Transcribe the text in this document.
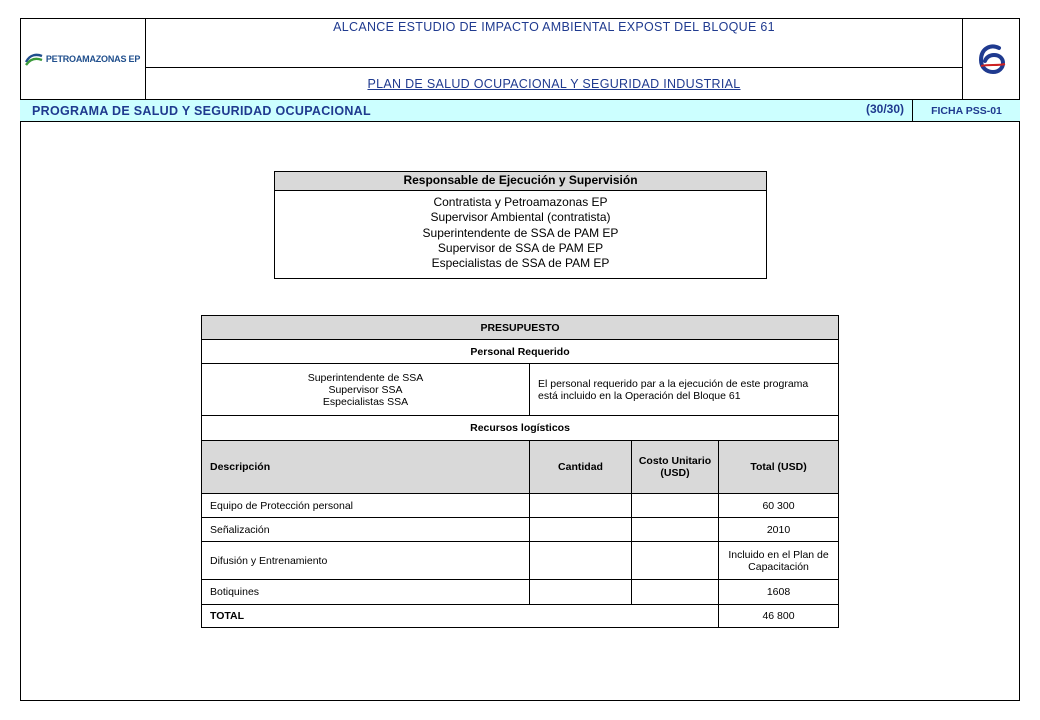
PETROAMAZONAS EP
ALCANCE ESTUDIO DE IMPACTO AMBIENTAL EXPOST DEL BLOQUE 61
PLAN DE SALUD OCUPACIONAL Y SEGURIDAD INDUSTRIAL
PROGRAMA DE SALUD Y SEGURIDAD OCUPACIONAL	(30/30)	FICHA PSS-01
Responsable de Ejecución y Supervisión
Contratista y Petroamazonas EP
Supervisor Ambiental (contratista)
Superintendente de SSA de PAM EP
Supervisor de SSA de PAM EP
Especialistas de SSA de PAM EP
PRESUPUESTO			
Personal Requerido			

Superintendente de SSA
Supervisor SSA
Especialistas SSA	El personal requerido par a la ejecución de este programa está incluido en la Operación del Bloque 61		
Recursos logísticos			
Descripción	Cantidad	Costo Unitario (USD)	Total (USD)
Equipo de Protección personal			60 300
Señalización			2010
Difusión y Entrenamiento			Incluido en el Plan de Capacitación
Botiquines			1608
TOTAL			46 800
